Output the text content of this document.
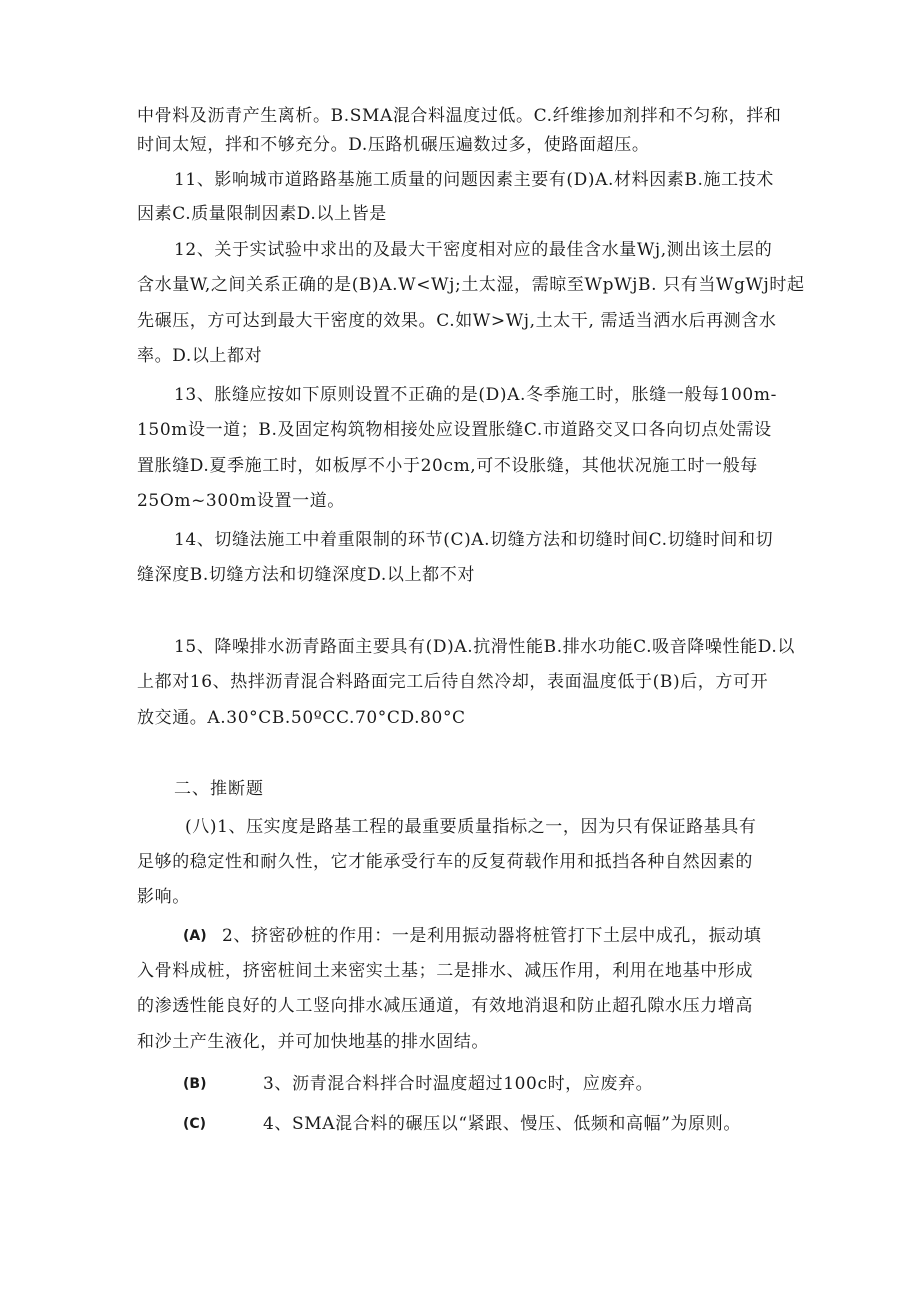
中骨料及沥青产生离析。B.SMA混合料温度过低。C.纤维掺加剂拌和不匀称，拌和
时间太短，拌和不够充分。D.压路机碾压遍数过多，使路面超压。
11、影响城市道路路基施工质量的问题因素主要有(D)A.材料因素B.施工技术
因素C.质量限制因素D.以上皆是
12、关于实试验中求出的及最大干密度相对应的最佳含水量Wj,测出该土层的
含水量W,之间关系正确的是(B)A.W<Wj;土太湿，需晾至WpWjB. 只有当WgWj时起
先碾压，方可达到最大干密度的效果。C.如W>Wj,土太干, 需适当洒水后再测含水
率。D.以上都对
13、胀缝应按如下原则设置不正确的是(D)A.冬季施工时，胀缝一般每100m-
150m设一道；B.及固定构筑物相接处应设置胀缝C.市道路交叉口各向切点处需设
置胀缝D.夏季施工时，如板厚不小于20cm,可不设胀缝，其他状况施工时一般每
25Om~300m设置一道。
14、切缝法施工中着重限制的环节(C)A.切缝方法和切缝时间C.切缝时间和切
缝深度B.切缝方法和切缝深度D.以上都不对
15、降噪排水沥青路面主要具有(D)A.抗滑性能B.排水功能C.吸音降噪性能D.以
上都对16、热拌沥青混合料路面完工后待自然冷却，表面温度低于(B)后，方可开
放交通。A.30°CB.50ºCC.70°CD.80°C
二、推断题
(八)1、压实度是路基工程的最重要质量指标之一，因为只有保证路基具有
足够的稳定性和耐久性，它才能承受行车的反复荷载作用和抵挡各种自然因素的
影响。
(A) 2、挤密砂桩的作用：一是利用振动器将桩管打下土层中成孔，振动填
入骨料成桩，挤密桩间土来密实土基；二是排水、减压作用，利用在地基中形成
的渗透性能良好的人工竖向排水减压通道，有效地消退和防止超孔隙水压力增高
和沙土产生液化，并可加快地基的排水固结。
(B)	3、沥青混合料拌合时温度超过100c时，应废弃。
(C)	4、SMA混合料的碾压以“紧跟、慢压、低频和高幅”为原则。
